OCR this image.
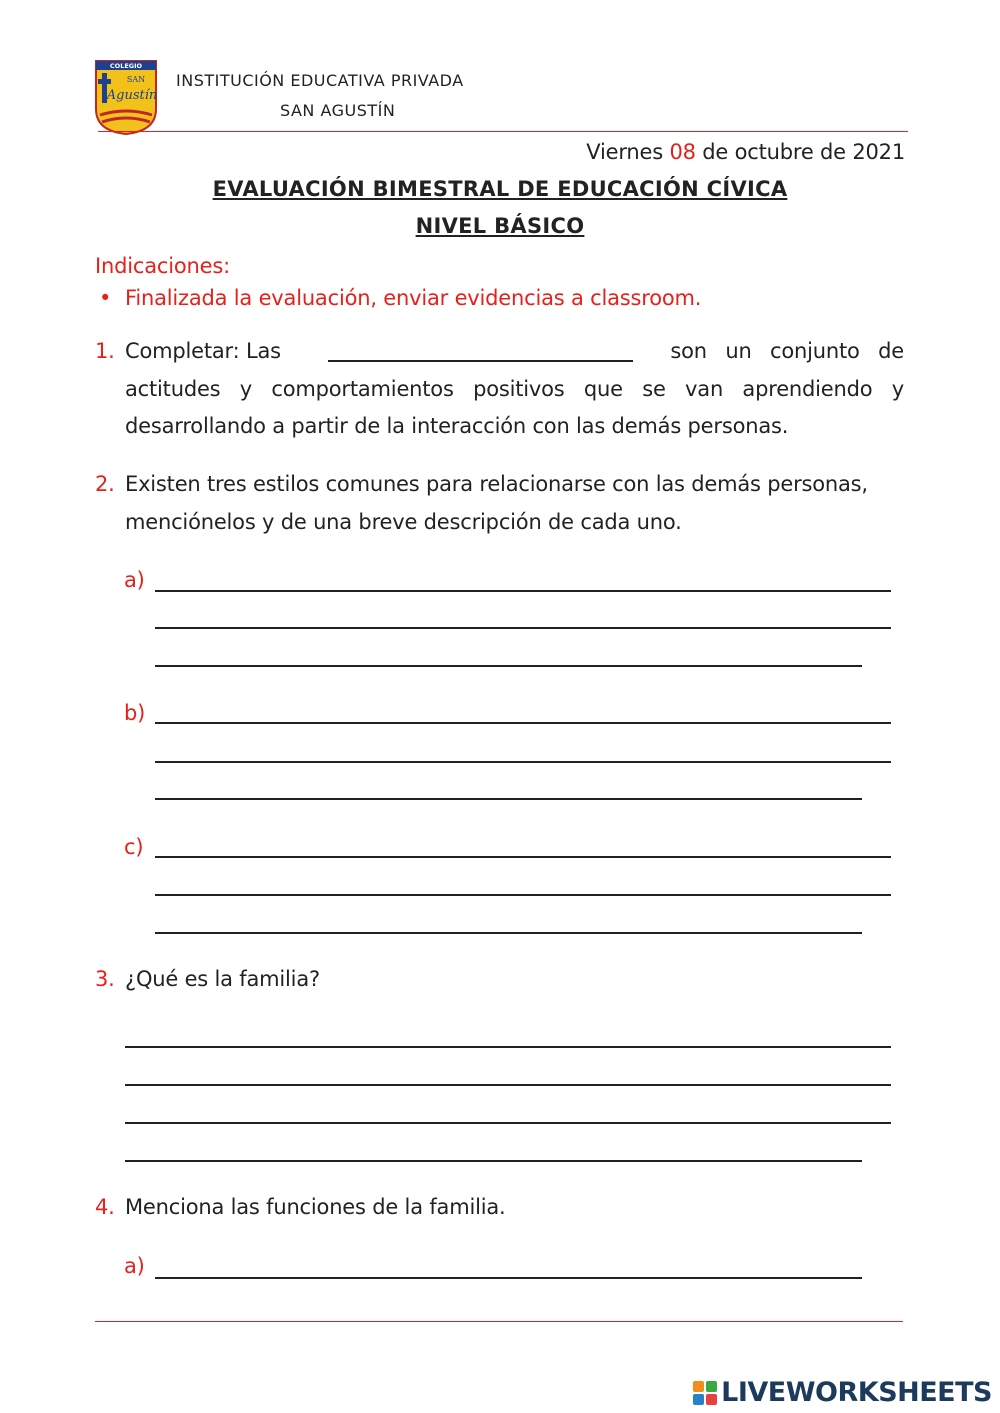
COLEGIO
SAN
Agustín
INSTITUCIÓN EDUCATIVA PRIVADA
SAN AGUSTÍN
Viernes 08 de octubre de 2021
EVALUACIÓN BIMESTRAL DE EDUCACIÓN CÍVICA
NIVEL BÁSICO
Indicaciones:
• Finalizada la evaluación, enviar evidencias a classroom.
1. Completar: Las	son un conjunto de
actitudes y comportamientos positivos que se van aprendiendo y
desarrollando a partir de la interacción con las demás personas.
2. Existen tres estilos comunes para relacionarse con las demás personas,
menciónelos y de una breve descripción de cada uno.
a)
b)
c)
3. ¿Qué es la familia?
4. Menciona las funciones de la familia.
a)
LIVEWORKSHEETS
